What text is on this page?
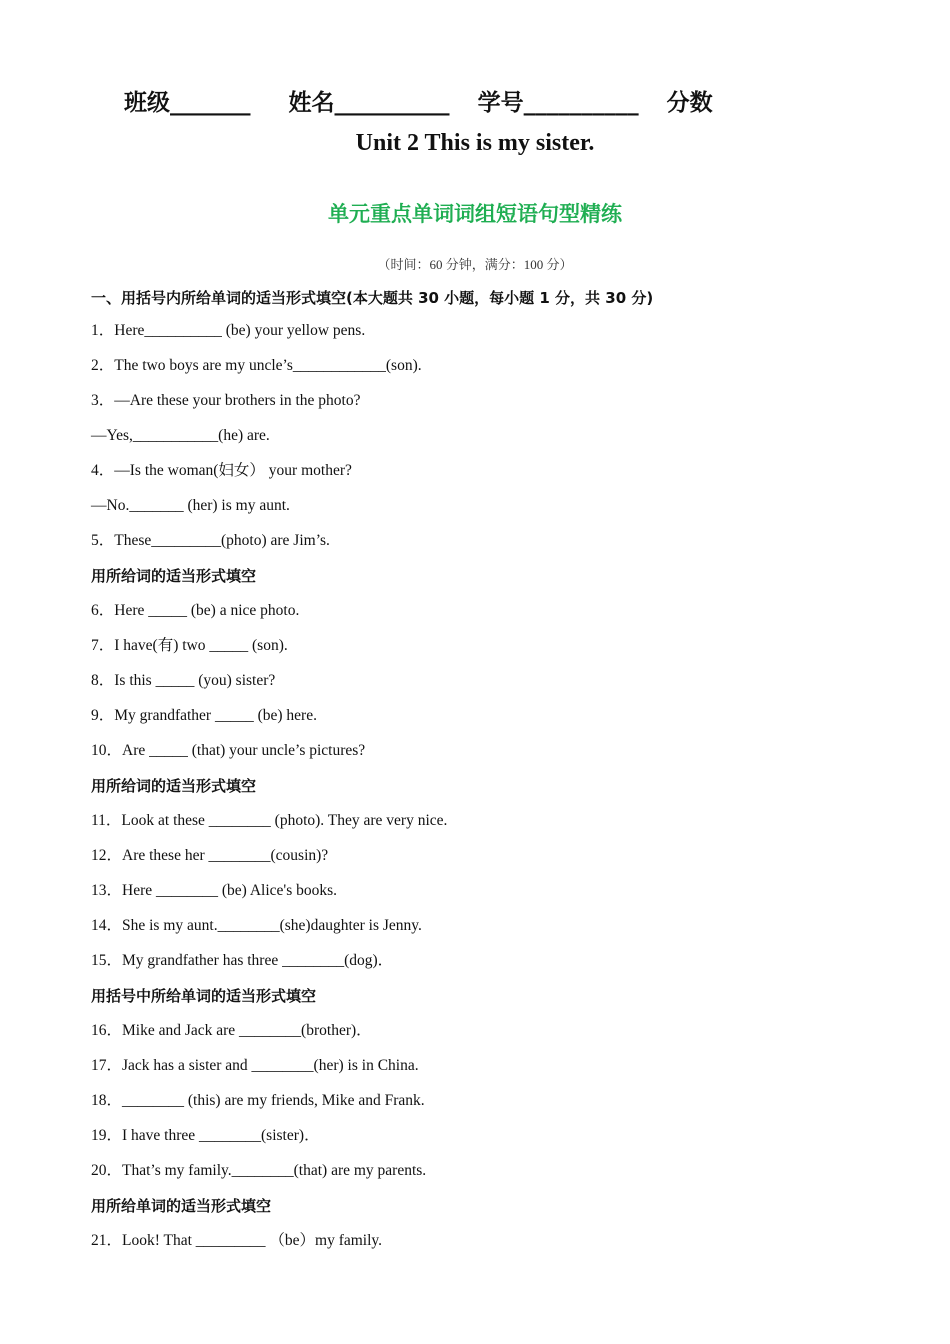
班级_______ 姓名__________ 学号__________ 分数
Unit 2 This is my sister.
单元重点单词词组短语句型精练
（时间：60 分钟，满分：100 分）
一、用括号内所给单词的适当形式填空(本大题共 30 小题，每小题 1 分，共 30 分)
1．Here__________ (be) your yellow pens.
2．The two boys are my uncle’s____________(son).
3．—Are these your brothers in the photo?
—Yes,___________(he) are.
4．—Is the woman(妇女） your mother?
—No._______ (her) is my aunt.
5．These_________(photo) are Jim’s.
用所给词的适当形式填空
6．Here _____ (be) a nice photo.
7．I have(有) two _____ (son).
8．Is this _____ (you) sister?
9．My grandfather _____ (be) here.
10．Are _____ (that) your uncle’s pictures?
用所给词的适当形式填空
11．Look at these ________ (photo). They are very nice.
12．Are these her ________(cousin)?
13．Here ________ (be) Alice's books.
14．She is my aunt.________(she)daughter is Jenny.
15．My grandfather has three ________(dog)．
用括号中所给单词的适当形式填空
16．Mike and Jack are ________(brother)．
17．Jack has a sister and ________(her) is in China.
18．________ (this) are my friends, Mike and Frank.
19．I have three ________(sister)．
20．That’s my family.________(that) are my parents.
用所给单词的适当形式填空
21．Look! That _________ （be）my family.
